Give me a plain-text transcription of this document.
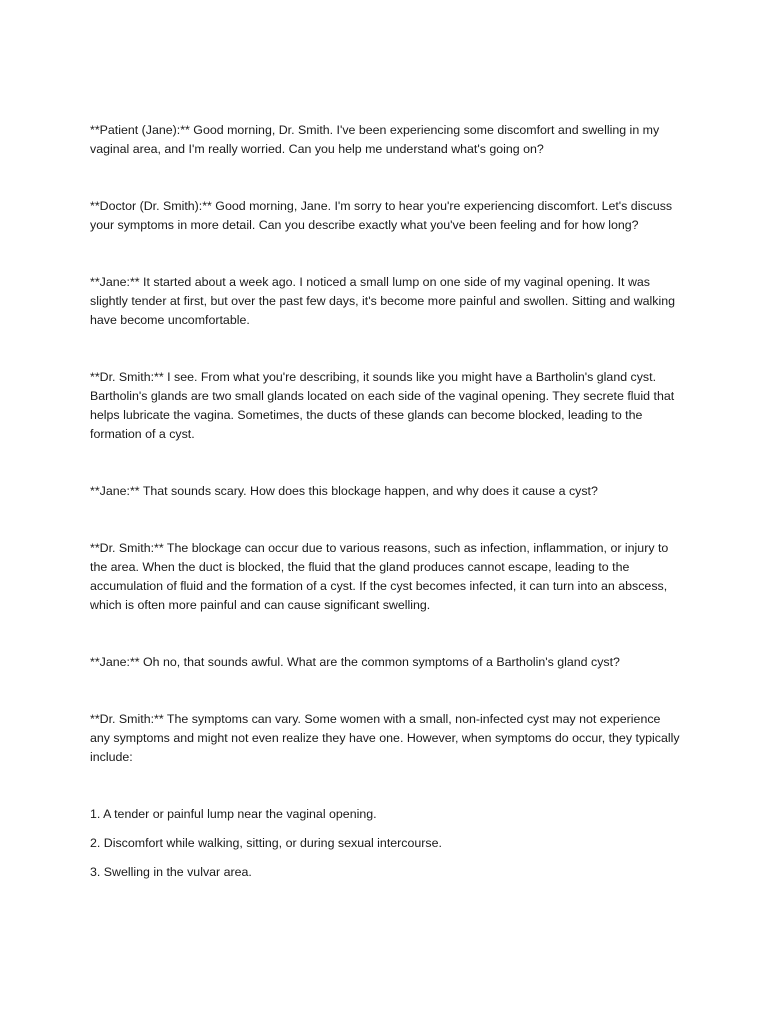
**Patient (Jane):** Good morning, Dr. Smith. I've been experiencing some discomfort and swelling in my vaginal area, and I'm really worried. Can you help me understand what's going on?

**Doctor (Dr. Smith):** Good morning, Jane. I'm sorry to hear you're experiencing discomfort. Let's discuss your symptoms in more detail. Can you describe exactly what you've been feeling and for how long?

**Jane:** It started about a week ago. I noticed a small lump on one side of my vaginal opening. It was slightly tender at first, but over the past few days, it's become more painful and swollen. Sitting and walking have become uncomfortable.

**Dr. Smith:** I see. From what you're describing, it sounds like you might have a Bartholin's gland cyst. Bartholin's glands are two small glands located on each side of the vaginal opening. They secrete fluid that helps lubricate the vagina. Sometimes, the ducts of these glands can become blocked, leading to the formation of a cyst.

**Jane:** That sounds scary. How does this blockage happen, and why does it cause a cyst?

**Dr. Smith:** The blockage can occur due to various reasons, such as infection, inflammation, or injury to the area. When the duct is blocked, the fluid that the gland produces cannot escape, leading to the accumulation of fluid and the formation of a cyst. If the cyst becomes infected, it can turn into an abscess, which is often more painful and can cause significant swelling.

**Jane:** Oh no, that sounds awful. What are the common symptoms of a Bartholin's gland cyst?

**Dr. Smith:** The symptoms can vary. Some women with a small, non-infected cyst may not experience any symptoms and might not even realize they have one. However, when symptoms do occur, they typically include:

1. A tender or painful lump near the vaginal opening.

2. Discomfort while walking, sitting, or during sexual intercourse.

3. Swelling in the vulvar area.
